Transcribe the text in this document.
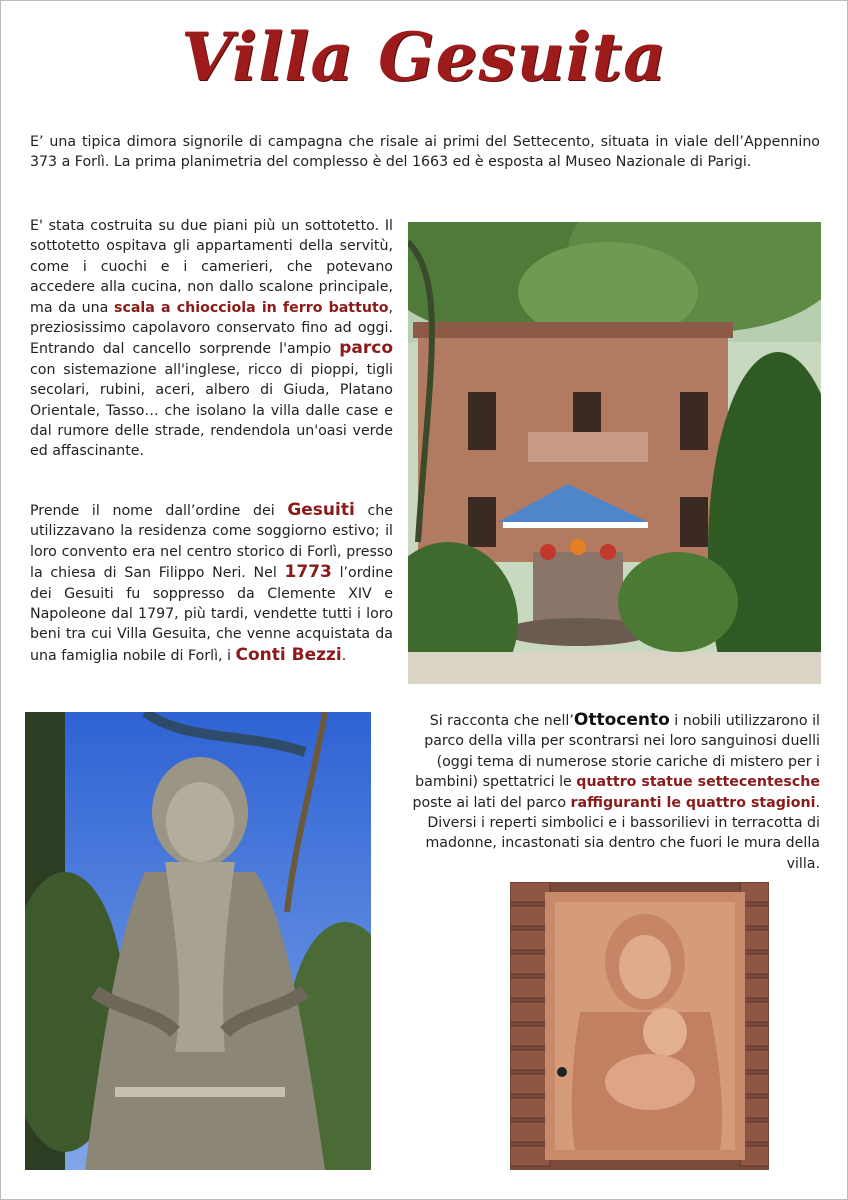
Villa Gesuita

E’ una tipica dimora signorile di campagna che risale ai primi del Settecento, situata in viale dell’Appennino 373 a Forlì. La prima planimetria del complesso è del 1663 ed è esposta al Museo Nazionale di Parigi.

E' stata costruita su due piani più un sottotetto. Il sottotetto ospitava gli appartamenti della servitù, come i cuochi e i camerieri, che potevano accedere alla cucina, non dallo scalone principale, ma da una scala a chiocciola in ferro battuto, preziosissimo capolavoro conservato fino ad oggi. Entrando dal cancello sorprende l'ampio parco con sistemazione all'inglese, ricco di pioppi, tigli secolari, rubini, aceri, albero di Giuda, Platano Orientale, Tasso… che isolano la villa dalle case e dal rumore delle strade, rendendola un'oasi verde ed affascinante.

Prende il nome dall’ordine dei Gesuiti che utilizzavano la residenza come soggiorno estivo; il loro convento era nel centro storico di Forlì, presso la chiesa di San Filippo Neri. Nel 1773 l’ordine dei Gesuiti fu soppresso da Clemente XIV e Napoleone dal 1797, più tardi, vendette tutti i loro beni tra cui Villa Gesuita, che venne acquistata da una famiglia nobile di Forlì, i Conti Bezzi.

Si racconta che nell’Ottocento i nobili utilizzarono il parco della villa per scontrarsi nei loro sanguinosi duelli (oggi tema di numerose storie cariche di mistero per i bambini) spettatrici le quattro statue settecentesche poste ai lati del parco raffiguranti le quattro stagioni. Diversi i reperti simbolici e i bassorilievi in terracotta di madonne, incastonati sia dentro che fuori le mura della villa.
